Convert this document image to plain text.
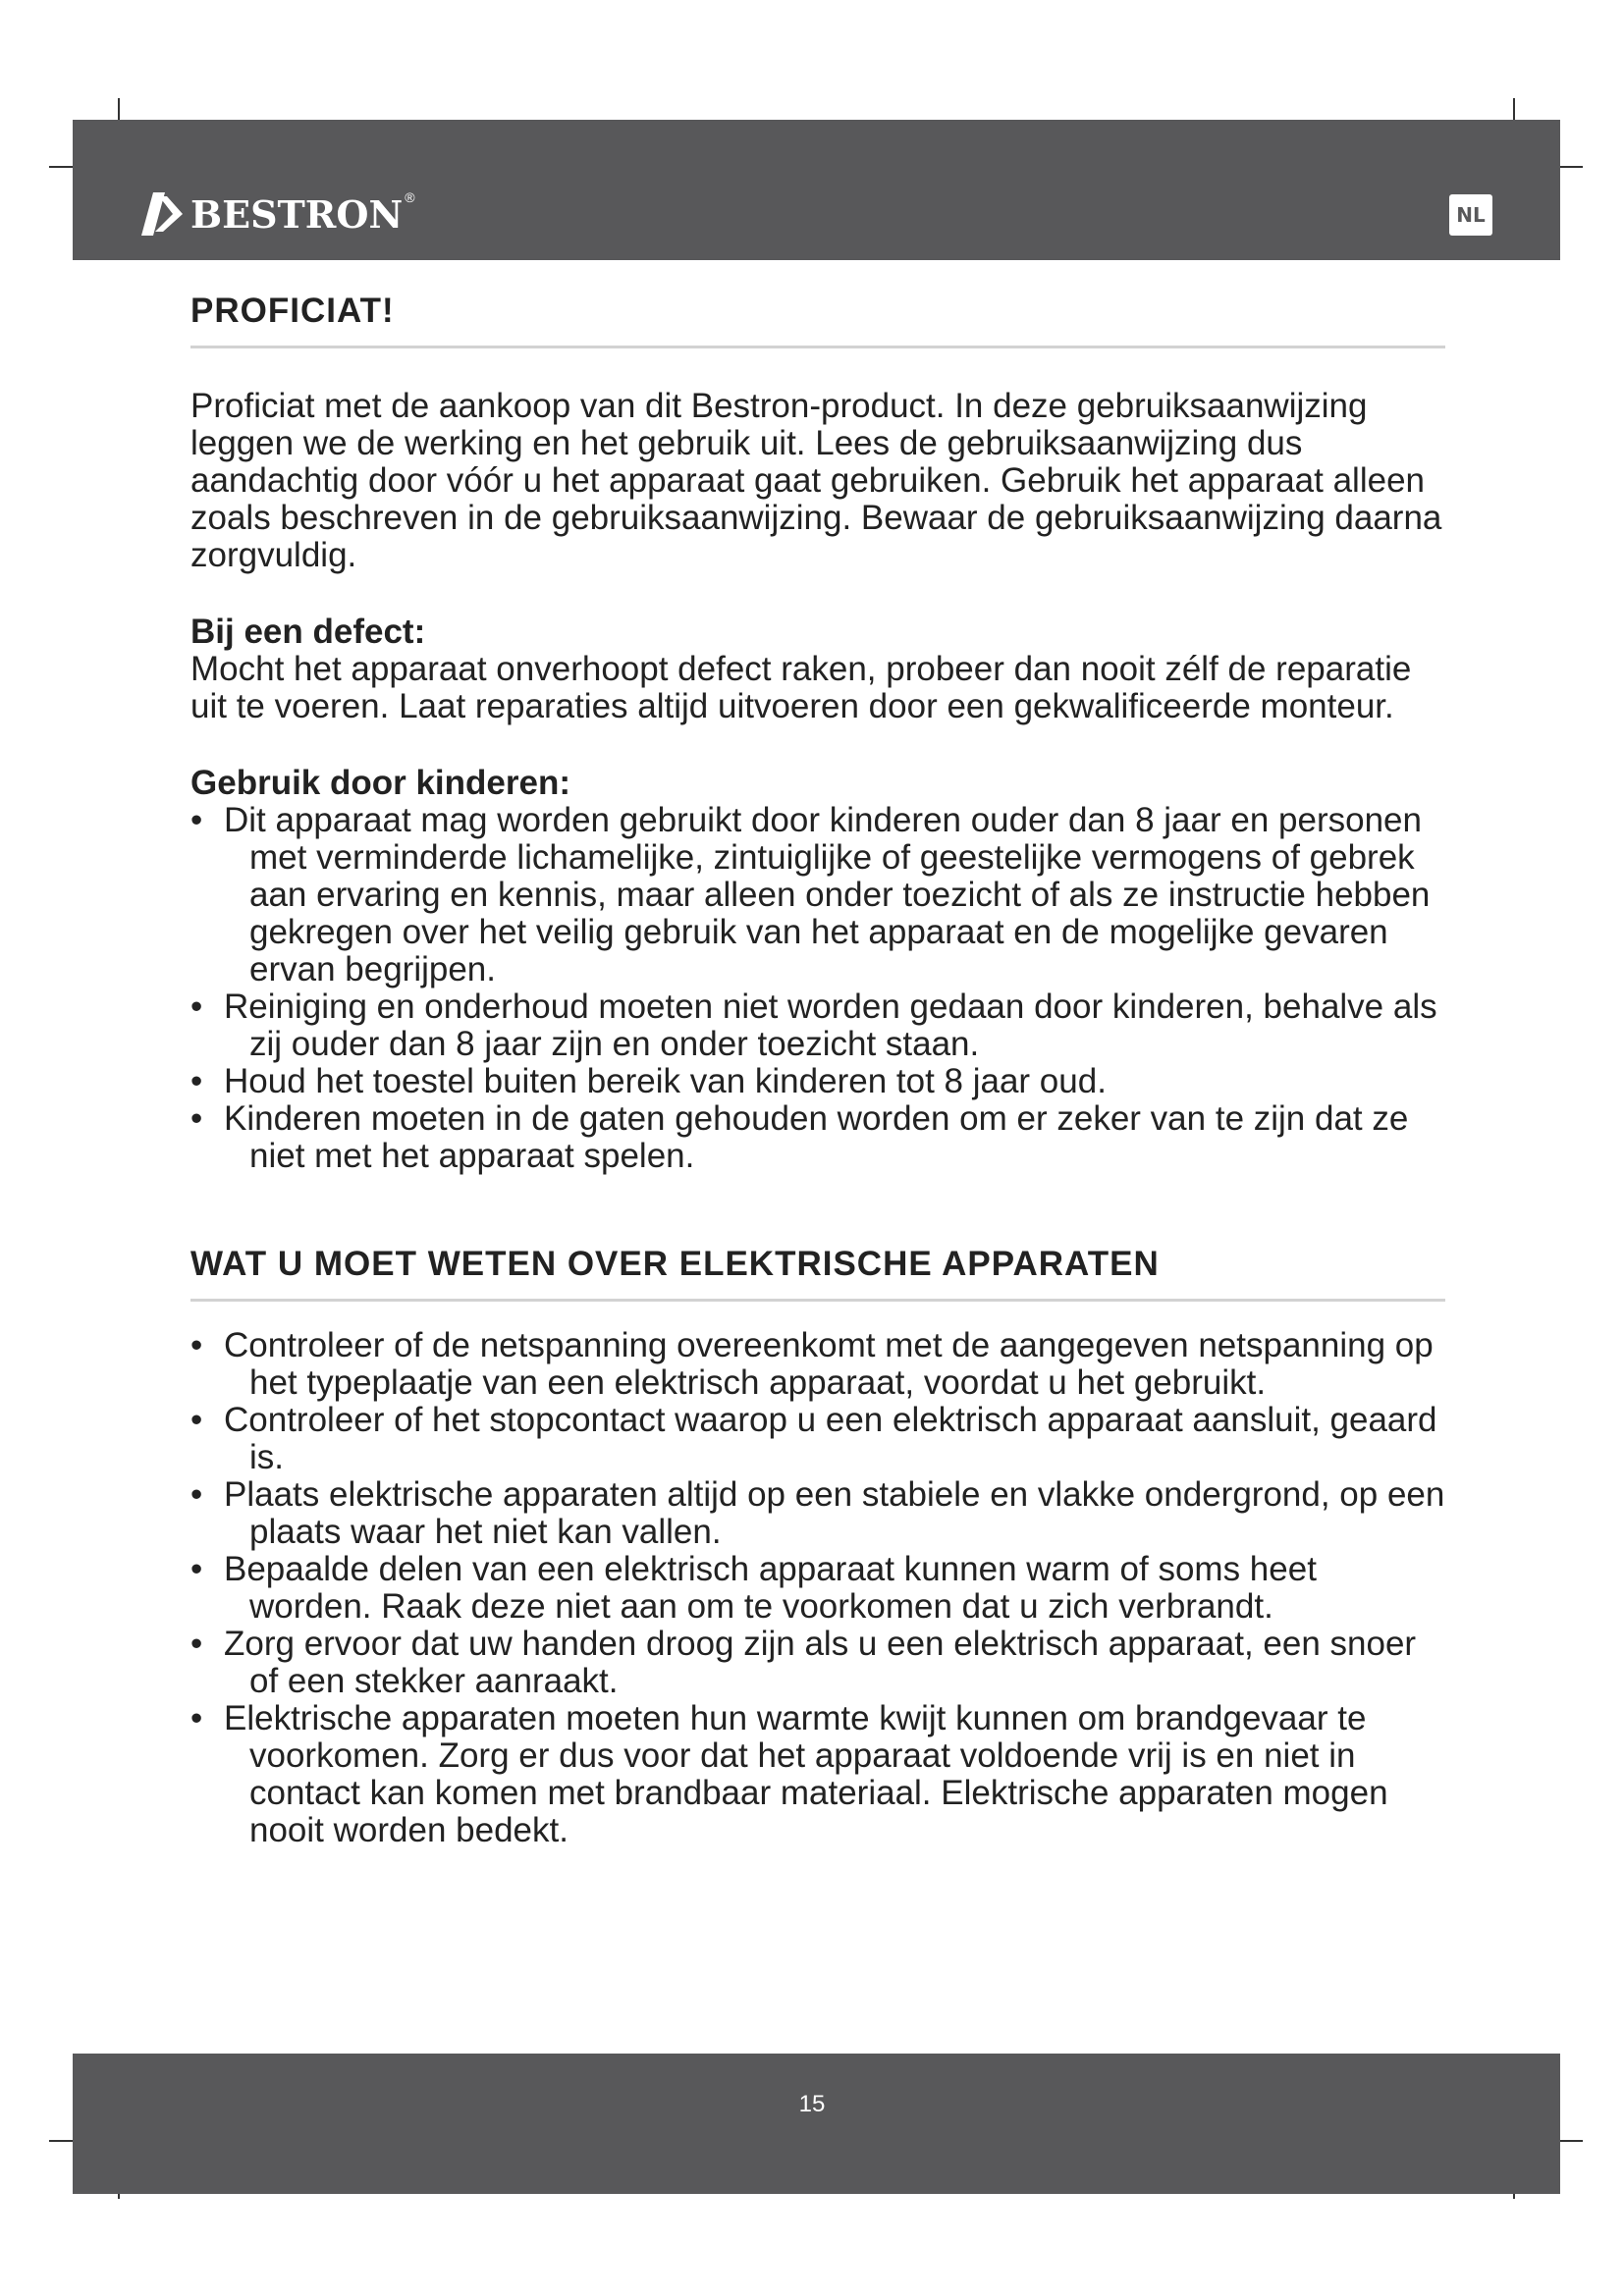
BESTRON ®
NL
PROFICIAT!

Proficiat met de aankoop van dit Bestron-product. In deze gebruiksaanwijzing leggen we de werking en het gebruik uit. Lees de gebruiksaanwijzing dus aandachtig door vóór u het apparaat gaat gebruiken. Gebruik het apparaat alleen zoals beschreven in de gebruiksaanwijzing. Bewaar de gebruiksaanwijzing daarna zorgvuldig.

Bij een defect:

Mocht het apparaat onverhoopt defect raken, probeer dan nooit zélf de reparatie uit te voeren. Laat reparaties altijd uitvoeren door een gekwalificeerde monteur.

Gebruik door kinderen:

• Dit apparaat mag worden gebruikt door kinderen ouder dan 8 jaar en personen met verminderde lichamelijke, zintuiglijke of geestelijke vermogens of gebrek aan ervaring en kennis, maar alleen onder toezicht of als ze instructie hebben gekregen over het veilig gebruik van het apparaat en de mogelijke gevaren ervan begrijpen.
• Reiniging en onderhoud moeten niet worden gedaan door kinderen, behalve als zij ouder dan 8 jaar zijn en onder toezicht staan.
• Houd het toestel buiten bereik van kinderen tot 8 jaar oud.
• Kinderen moeten in de gaten gehouden worden om er zeker van te zijn dat ze niet met het apparaat spelen.
WAT U MOET WETEN OVER ELEKTRISCHE APPARATEN
• Controleer of de netspanning overeenkomt met de aangegeven netspanning op het typeplaatje van een elektrisch apparaat, voordat u het gebruikt.
• Controleer of het stopcontact waarop u een elektrisch apparaat aansluit, geaard is.
• Plaats elektrische apparaten altijd op een stabiele en vlakke ondergrond, op een plaats waar het niet kan vallen.
• Bepaalde delen van een elektrisch apparaat kunnen warm of soms heet worden. Raak deze niet aan om te voorkomen dat u zich verbrandt.
• Zorg ervoor dat uw handen droog zijn als u een elektrisch apparaat, een snoer of een stekker aanraakt.
• Elektrische apparaten moeten hun warmte kwijt kunnen om brandgevaar te voorkomen. Zorg er dus voor dat het apparaat voldoende vrij is en niet in contact kan komen met brandbaar materiaal. Elektrische apparaten mogen nooit worden bedekt.
15
